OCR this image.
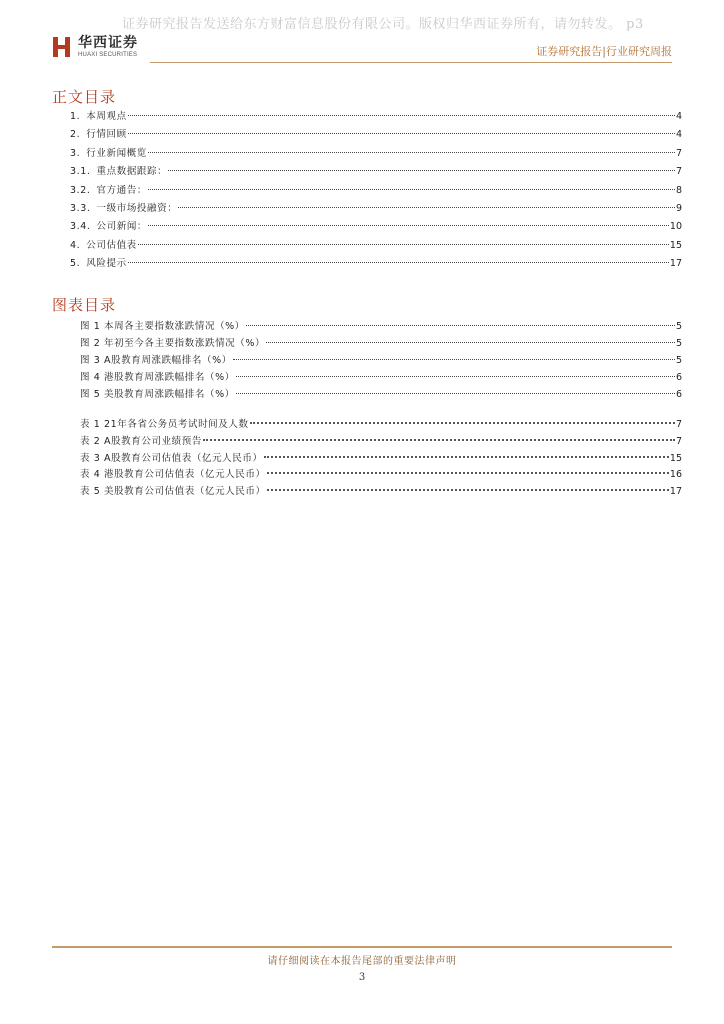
证券研究报告发送给东方财富信息股份有限公司。版权归华西证券所有，请勿转发。 p3
华西证券
HUAXI SECURITIES	证券研究报告|行业研究周报
正文目录
1. 本周观点	4
2. 行情回顾	4
3. 行业新闻概览	7
3.1. 重点数据跟踪：	7
3.2. 官方通告：	8
3.3. 一级市场投融资：	9
3.4. 公司新闻：	10
4. 公司估值表	15
5. 风险提示	17
图表目录
图 1 本周各主要指数涨跌情况（%）	5
图 2 年初至今各主要指数涨跌情况（%）	5
图 3 A股教育周涨跌幅排名（%）	5
图 4 港股教育周涨跌幅排名（%）	6
图 5 美股教育周涨跌幅排名（%）	6
表 1 21年各省公务员考试时间及人数	7
表 2 A股教育公司业绩预告	7
表 3 A股教育公司估值表（亿元人民币）	15
表 4 港股教育公司估值表（亿元人民币）	16
表 5 美股教育公司估值表（亿元人民币）	17
请仔细阅读在本报告尾部的重要法律声明
3
